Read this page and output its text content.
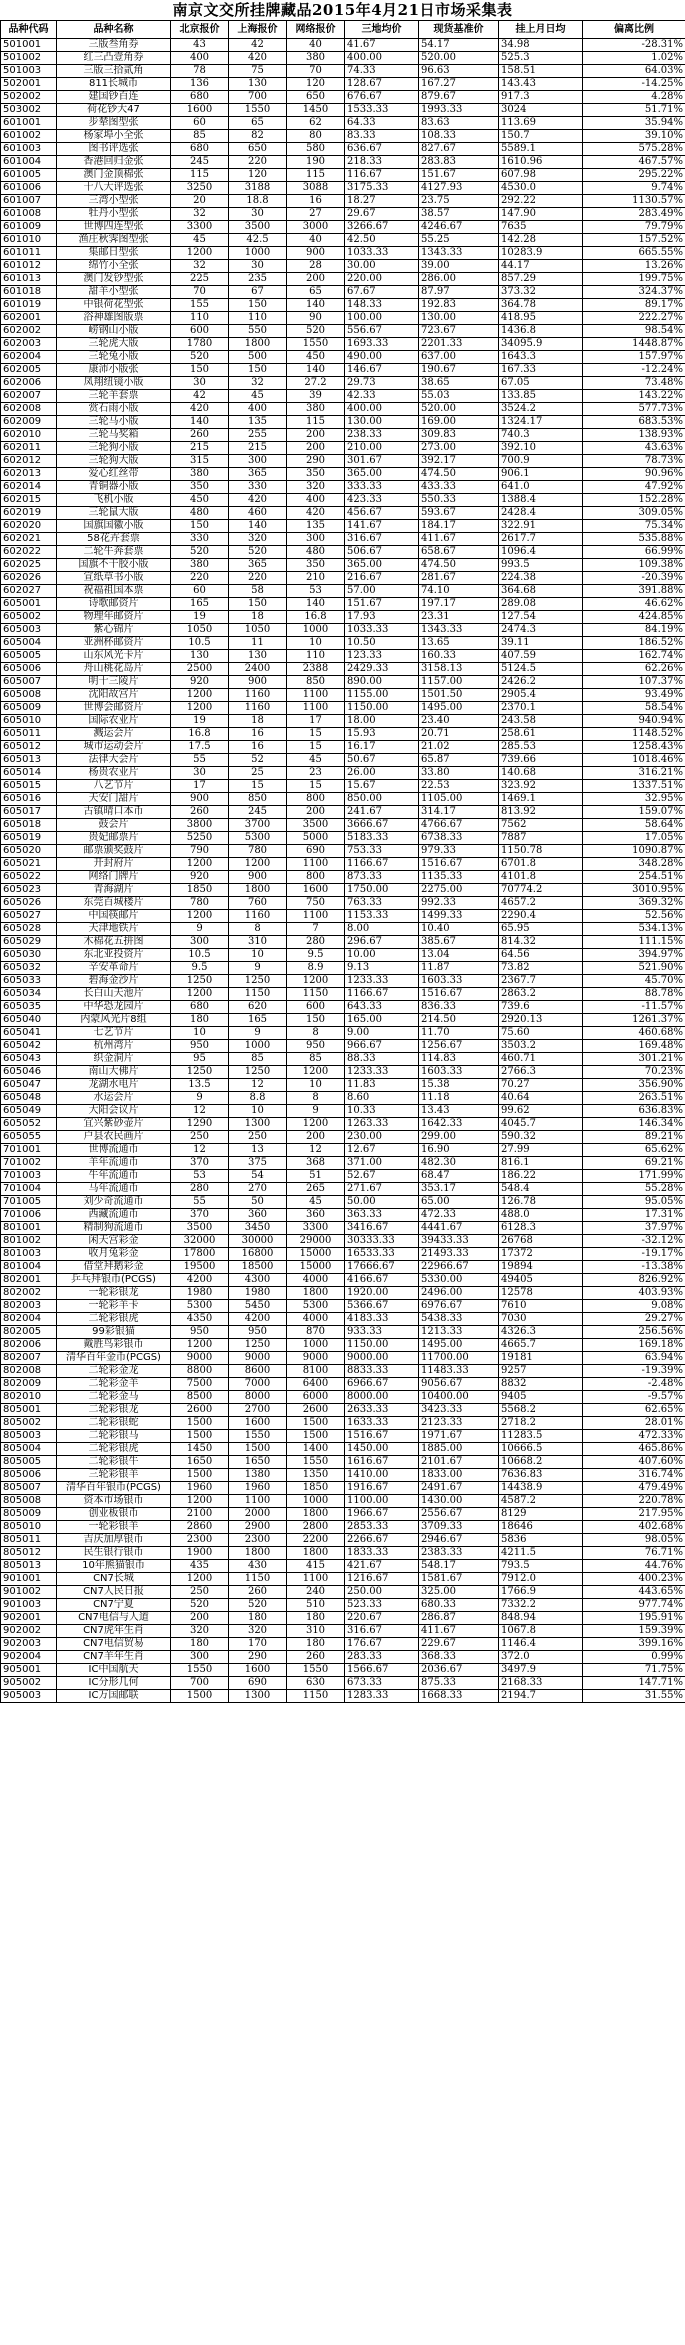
南京文交所挂牌藏品2015年4月21日市场采集表
品种代码	品种名称	北京报价	上海报价	网络报价	三地均价	现货基准价	挂上月日均	偏离比例
501001	三版叁角券	43	42	40	41.67	54.17	34.98	-28.31%
501002	红三凸壹角券	400	420	380	400.00	520.00	525.3	1.02%
501003	三版三拾贰角	78	75	70	74.33	96.63	158.51	64.03%
502001	811长城币	136	130	120	128.67	167.27	143.43	-14.25%
502002	建国钞百连	680	700	650	676.67	879.67	917.3	4.28%
503002	荷花钞大47	1600	1550	1450	1533.33	1993.33	3024	51.71%
601001	步辇图型张	60	65	62	64.33	83.63	113.69	35.94%
601002	杨家埠小全张	85	82	80	83.33	108.33	150.7	39.10%
601003	图书评选张	680	650	580	636.67	827.67	5589.1	575.28%
601004	香港回归金张	245	220	190	218.33	283.83	1610.96	467.57%
601005	澳门金顶棉张	115	120	115	116.67	151.67	607.98	295.22%
601006	十八大评选张	3250	3188	3088	3175.33	4127.93	4530.0	9.74%
601007	三湾小型张	20	18.8	16	18.27	23.75	292.22	1130.57%
601008	牡丹小型张	32	30	27	29.67	38.57	147.90	283.49%
601009	世博四连型张	3300	3500	3000	3266.67	4246.67	7635	79.79%
601010	渔庄秋霁图型张	45	42.5	40	42.50	55.25	142.28	157.52%
601011	集邮日型张	1200	1000	900	1033.33	1343.33	10283.9	665.55%
601012	绵竹小全张	32	30	28	30.00	39.00	44.17	13.26%
601013	澳门发钞型张	225	235	200	220.00	286.00	857.29	199.75%
601018	甜羊小型张	70	67	65	67.67	87.97	373.32	324.37%
601019	中银荷花型张	155	150	140	148.33	192.83	364.78	89.17%
602001	浴神雄图版票	110	110	90	100.00	130.00	418.95	222.27%
602002	崂钢山小版	600	550	520	556.67	723.67	1436.8	98.54%
602003	三轮虎大版	1780	1800	1550	1693.33	2201.33	34095.9	1448.87%
602004	三轮兔小版	520	500	450	490.00	637.00	1643.3	157.97%
602005	康沛小版张	150	150	140	146.67	190.67	167.33	-12.24%
602006	凤翔纽镜小版	30	32	27.2	29.73	38.65	67.05	73.48%
602007	三轮羊套票	42	45	39	42.33	55.03	133.85	143.22%
602008	赏石雨小版	420	400	380	400.00	520.00	3524.2	577.73%
602009	三轮马小版	140	135	115	130.00	169.00	1324.17	683.53%
602010	三轮马奖箱	260	255	200	238.33	309.83	740.3	138.93%
602011	三轮狗小版	215	215	200	210.00	273.00	392.10	43.63%
602012	三轮狗大版	315	300	290	301.67	392.17	700.9	78.73%
602013	爱心红丝带	380	365	350	365.00	474.50	906.1	90.96%
602014	青铜器小版	350	330	320	333.33	433.33	641.0	47.92%
602015	飞机小版	450	420	400	423.33	550.33	1388.4	152.28%
602019	三轮鼠大版	480	460	420	456.67	593.67	2428.4	309.05%
602020	国旗国徽小版	150	140	135	141.67	184.17	322.91	75.34%
602021	58花卉套票	330	320	300	316.67	411.67	2617.7	535.88%
602022	二轮牛奔套票	520	520	480	506.67	658.67	1096.4	66.99%
602025	国旗不干胶小版	380	365	350	365.00	474.50	993.5	109.38%
602026	宣纸草书小版	220	220	210	216.67	281.67	224.38	-20.39%
602027	祝福祖国本票	60	58	53	57.00	74.10	364.68	391.88%
605001	诗歌邮资片	165	150	140	151.67	197.17	289.08	46.62%
605002	物理年邮资片	19	18	16.8	17.93	23.31	127.54	424.85%
605003	紫心锦片	1050	1050	1000	1033.33	1343.33	2474.3	84.19%
605004	亚洲杯邮资片	10.5	11	10	10.50	13.65	39.11	186.52%
605005	山东风光卡片	130	130	110	123.33	160.33	407.59	162.74%
605006	舟山桃花岛片	2500	2400	2388	2429.33	3158.13	5124.5	62.26%
605007	明十三陵片	920	900	850	890.00	1157.00	2426.2	107.37%
605008	沈阳故宫片	1200	1160	1100	1155.00	1501.50	2905.4	93.49%
605009	世博会邮资片	1200	1160	1100	1150.00	1495.00	2370.1	58.54%
605010	国际农业片	19	18	17	18.00	23.40	243.58	940.94%
605011	溅运会片	16.8	16	15	15.93	20.71	258.61	1148.52%
605012	城市运动会片	17.5	16	15	16.17	21.02	285.53	1258.43%
605013	法律大会片	55	52	45	50.67	65.87	739.66	1018.46%
605014	杨贵农业片	30	25	23	26.00	33.80	140.68	316.21%
605015	八艺节片	17	15	15	15.67	22.53	323.92	1337.51%
605016	天安门甜片	900	850	800	850.00	1105.00	1469.1	32.95%
605017	古镇晴口本币	260	245	200	241.67	314.17	813.92	159.07%
605018	鼓会片	3800	3700	3500	3666.67	4766.67	7562	58.64%
605019	贵妃邮票片	5250	5300	5000	5183.33	6738.33	7887	17.05%
605020	邮票颁奖鼓片	790	780	690	753.33	979.33	1150.78	1090.87%
605021	开封府片	1200	1200	1100	1166.67	1516.67	6701.8	348.28%
605022	网络门牌片	920	900	800	873.33	1135.33	4101.8	254.51%
605023	青海湖片	1850	1800	1600	1750.00	2275.00	70774.2	3010.95%
605026	东莞百城楼片	780	760	750	763.33	992.33	4657.2	369.32%
605027	中国筷邮片	1200	1160	1100	1153.33	1499.33	2290.4	52.56%
605028	天津地铁片	9	8	7	8.00	10.40	65.95	534.13%
605029	木棉花五拼图	300	310	280	296.67	385.67	814.32	111.15%
605030	东北亚投资片	10.5	10	9.5	10.00	13.04	64.56	394.97%
605032	辛安革命片	9.5	9	8.9	9.13	11.87	73.82	521.90%
605033	碧海金沙片	1250	1250	1200	1233.33	1603.33	2367.7	45.70%
605034	长白山天池片	1200	1150	1150	1166.67	1516.67	2863.2	88.78%
605035	中华恐龙园片	680	620	600	643.33	836.33	739.6	-11.57%
605040	内蒙风光片8组	180	165	150	165.00	214.50	2920.13	1261.37%
605041	七艺节片	10	9	8	9.00	11.70	75.60	460.68%
605042	杭州湾片	950	1000	950	966.67	1256.67	3503.2	169.48%
605043	织金洞片	95	85	85	88.33	114.83	460.71	301.21%
605046	南山大佛片	1250	1250	1200	1233.33	1603.33	2766.3	70.23%
605047	龙湖水电片	13.5	12	10	11.83	15.38	70.27	356.90%
605048	水运会片	9	8.8	8	8.60	11.18	40.64	263.51%
605049	大阳会议片	12	10	9	10.33	13.43	99.62	636.83%
605052	宜兴紫砂壶片	1290	1300	1200	1263.33	1642.33	4045.7	146.34%
605055	户县农民画片	250	250	200	230.00	299.00	590.32	89.21%
701001	世博流通币	12	13	12	12.67	16.90	27.99	65.62%
701002	羊年流通币	370	375	368	371.00	482.30	816.1	69.21%
701003	牛年流通币	53	54	51	52.67	68.47	186.22	171.99%
701004	马年流通币	280	270	265	271.67	353.17	548.4	55.28%
701005	刘少奇流通币	55	50	45	50.00	65.00	126.78	95.05%
701006	西藏流通币	370	360	360	363.33	472.33	488.0	17.31%
801001	精制狗流通币	3500	3450	3300	3416.67	4441.67	6128.3	37.97%
801002	闲天宫彩金	32000	30000	29000	30333.33	39433.33	26768	-32.12%
801003	收月兔彩金	17800	16800	15000	16533.33	21493.33	17372	-19.17%
801004	借堂拜鹅彩金	19500	18500	15000	17666.67	22966.67	19894	-13.38%
802001	乒乓拜银币(PCGS)	4200	4300	4000	4166.67	5330.00	49405	826.92%
802002	一轮彩银龙	1980	1980	1800	1920.00	2496.00	12578	403.93%
802003	一轮彩羊卡	5300	5450	5300	5366.67	6976.67	7610	9.08%
802004	二轮彩银虎	4350	4200	4000	4183.33	5438.33	7030	29.27%
802005	99彩银猫	950	950	870	933.33	1213.33	4326.3	256.56%
802006	戴胜鸟彩银币	1200	1250	1000	1150.00	1495.00	4665.7	169.18%
802007	清华百年金币(PCGS)	9000	9000	9000	9000.00	11700.00	19181	63.94%
802008	二轮彩金龙	8800	8600	8100	8833.33	11483.33	9257	-19.39%
802009	二轮彩金羊	7500	7000	6400	6966.67	9056.67	8832	-2.48%
802010	二轮彩金马	8500	8000	6000	8000.00	10400.00	9405	-9.57%
805001	二轮彩银龙	2600	2700	2600	2633.33	3423.33	5568.2	62.65%
805002	二轮彩银蛇	1500	1600	1500	1633.33	2123.33	2718.2	28.01%
805003	二轮彩银马	1500	1550	1500	1516.67	1971.67	11283.5	472.33%
805004	二轮彩银虎	1450	1500	1400	1450.00	1885.00	10666.5	465.86%
805005	二轮彩银牛	1650	1650	1550	1616.67	2101.67	10668.2	407.60%
805006	三轮彩银羊	1500	1380	1350	1410.00	1833.00	7636.83	316.74%
805007	清华百年银币(PCGS)	1960	1960	1850	1916.67	2491.67	14438.9	479.49%
805008	资本市场银币	1200	1100	1000	1100.00	1430.00	4587.2	220.78%
805009	创业板银币	2100	2000	1800	1966.67	2556.67	8129	217.95%
805010	一轮彩银羊	2860	2900	2800	2853.33	3709.33	18646	402.68%
805011	吉庆加厚银币	2300	2300	2200	2266.67	2946.67	5836	98.05%
805012	民生银行银币	1900	1800	1800	1833.33	2383.33	4211.5	76.71%
805013	10年熊猫银币	435	430	415	421.67	548.17	793.5	44.76%
901001	CN7长城	1200	1150	1100	1216.67	1581.67	7912.0	400.23%
901002	CN7人民日报	250	260	240	250.00	325.00	1766.9	443.65%
901003	CN7宁夏	520	520	510	523.33	680.33	7332.2	977.74%
902001	CN7电信与人道	200	180	180	220.67	286.87	848.94	195.91%
902002	CN7虎年生肖	320	320	310	316.67	411.67	1067.8	159.39%
902003	CN7电信贸易	180	170	180	176.67	229.67	1146.4	399.16%
902004	CN7羊年生肖	300	290	260	283.33	368.33	372.0	0.99%
905001	IC中国航天	1550	1600	1550	1566.67	2036.67	3497.9	71.75%
905002	IC分形几何	700	690	630	673.33	875.33	2168.33	147.71%
905003	IC万国邮联	1500	1300	1150	1283.33	1668.33	2194.7	31.55%
